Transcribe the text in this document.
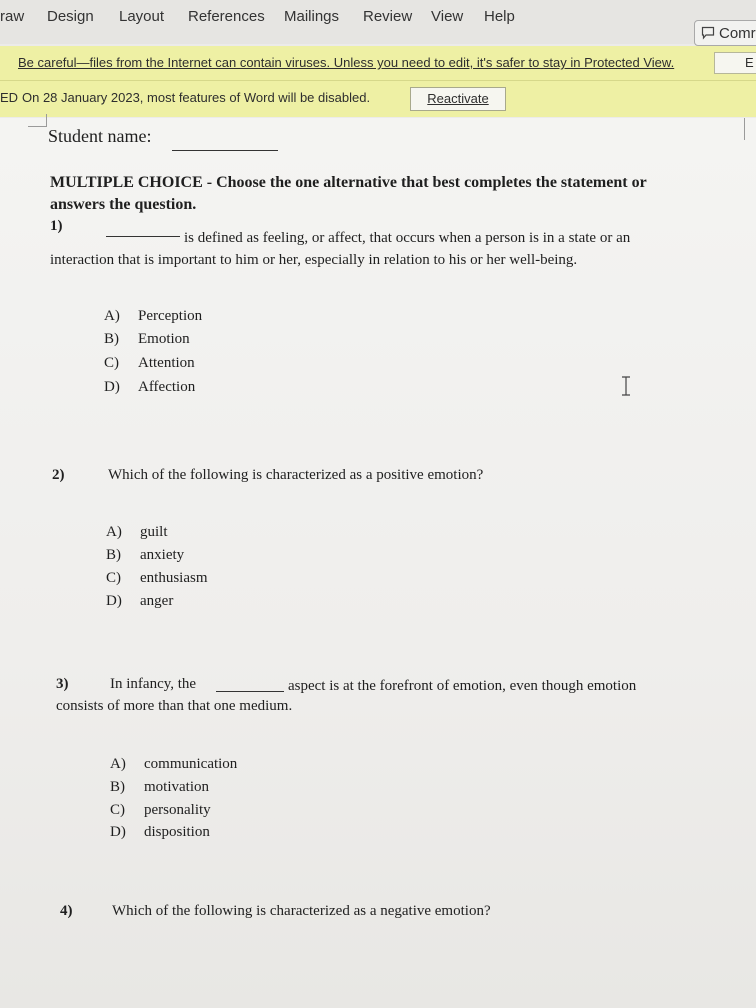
raw Design Layout References Mailings Review View Help
Comr
Be careful—files from the Internet can contain viruses. Unless you need to edit, it's safer to stay in Protected View.	E
ED On 28 January 2023, most features of Word will be disabled.	Reactivate
Student name:
MULTIPLE CHOICE - Choose the one alternative that best completes the statement or
answers the question.
1)
is defined as feeling, or affect, that occurs when a person is in a state or an
interaction that is important to him or her, especially in relation to his or her well-being.
A) Perception
B) Emotion
C) Attention
D) Affection
2)	Which of the following is characterized as a positive emotion?
A) guilt
B) anxiety
C) enthusiasm
D) anger
3)	In infancy, the	aspect is at the forefront of emotion, even though emotion
consists of more than that one medium.
A) communication
B) motivation
C) personality
D) disposition
4)	Which of the following is characterized as a negative emotion?
